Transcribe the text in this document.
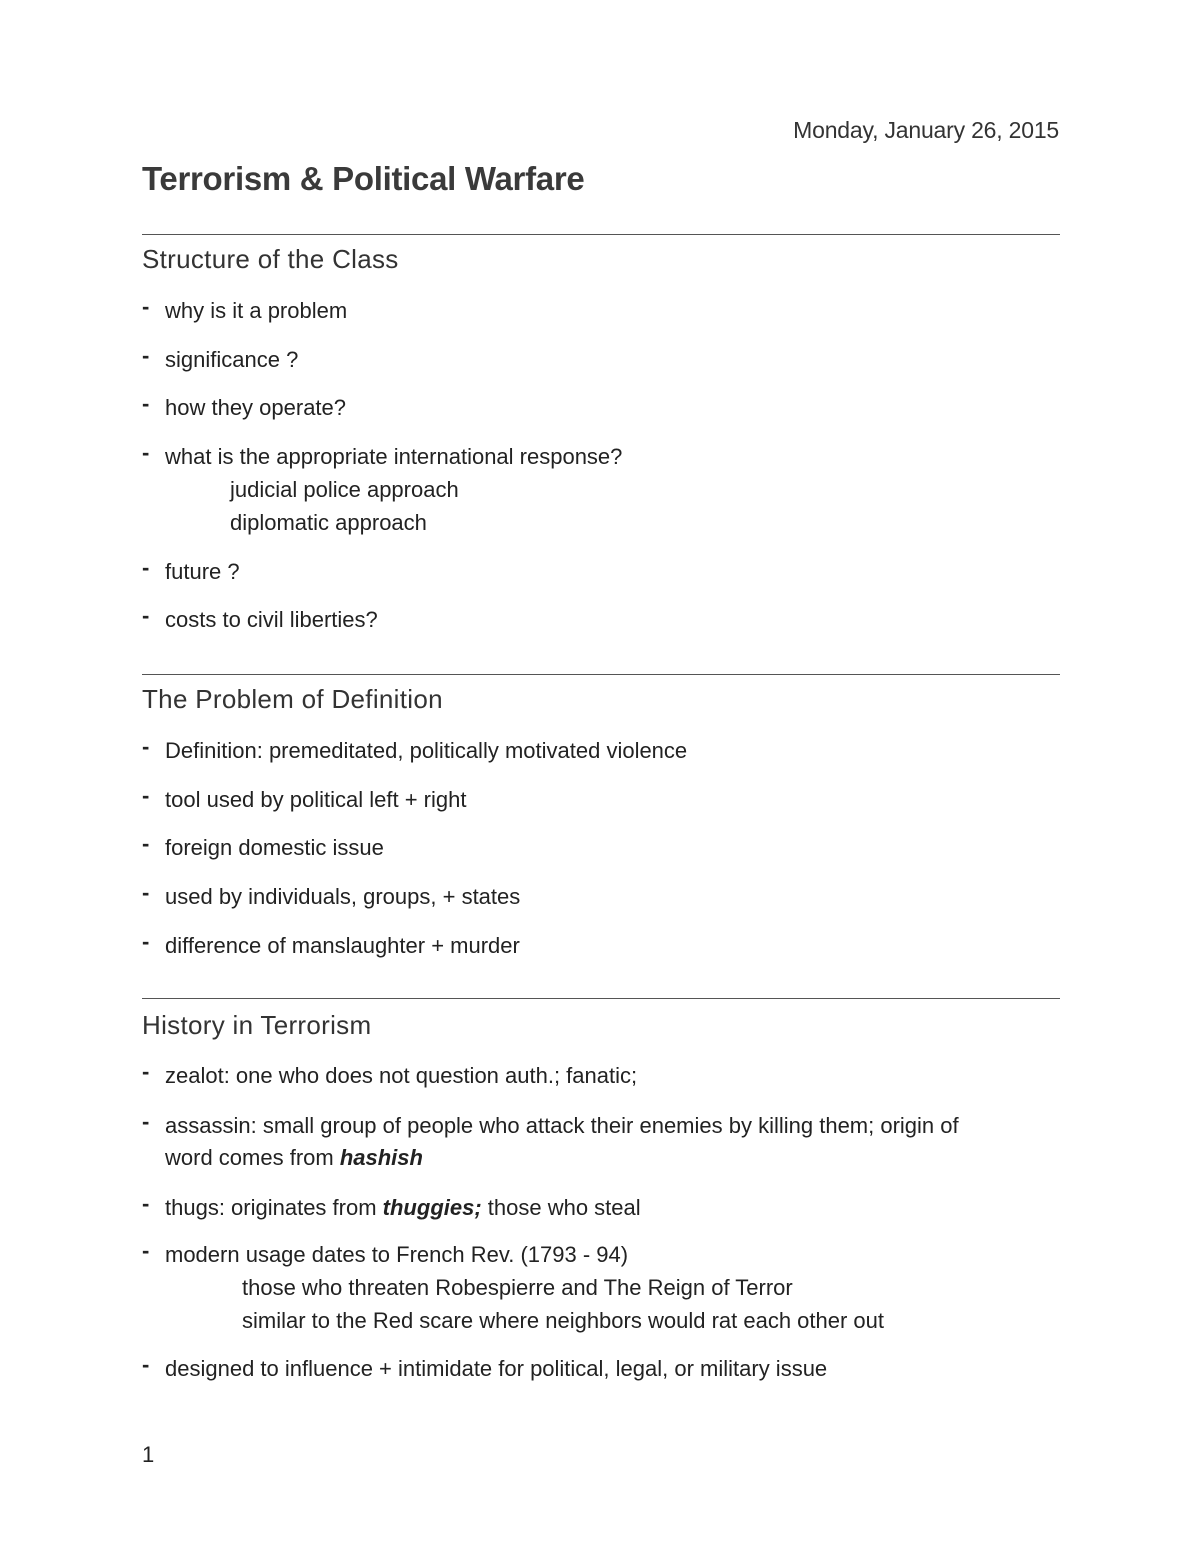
Monday, January 26, 2015
Terrorism & Political Warfare
Structure of the Class
- why is it a problem
- significance ?
- how they operate?
- what is the appropriate international response?
judicial police approach
diplomatic approach
- future ?
- costs to civil liberties?
The Problem of Definition
- Definition: premeditated, politically motivated violence
- tool used by political left + right
- foreign domestic issue
- used by individuals, groups, + states
- difference of manslaughter + murder
History in Terrorism
- zealot: one who does not question auth.; fanatic;
- assassin: small group of people who attack their enemies by killing them; origin of
word comes from hashish
- thugs: originates from thuggies; those who steal
- modern usage dates to French Rev. (1793 - 94)
those who threaten Robespierre and The Reign of Terror
similar to the Red scare where neighbors would rat each other out
- designed to influence + intimidate for political, legal, or military issue
1
